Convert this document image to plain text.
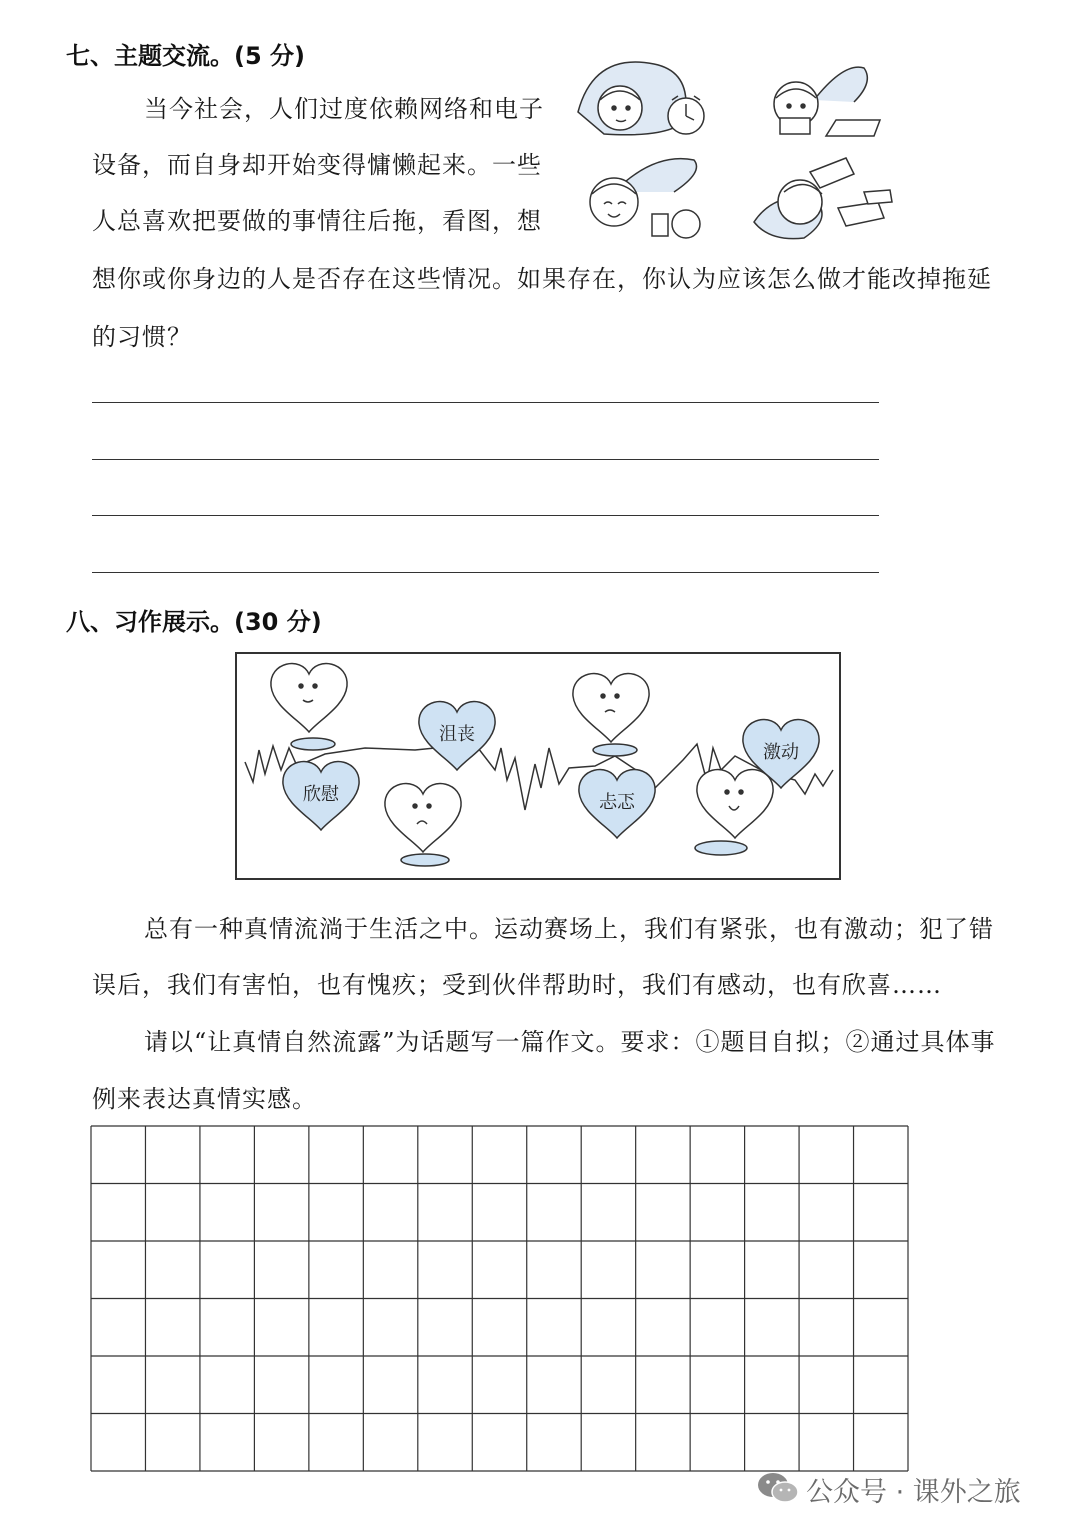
七、主题交流。(5 分)
当今社会，人们过度依赖网络和电子
设备，而自身却开始变得慵懒起来。一些
人总喜欢把要做的事情往后拖，看图，想
想你或你身边的人是否存在这些情况。如果存在，你认为应该怎么做才能改掉拖延
的习惯？
八、习作展示。(30 分)
沮丧
欣慰	忐忑
激动
总有一种真情流淌于生活之中。运动赛场上，我们有紧张，也有激动；犯了错
误后，我们有害怕，也有愧疚；受到伙伴帮助时，我们有感动，也有欣喜……
请以“让真情自然流露”为话题写一篇作文。要求：①题目自拟；②通过具体事
例来表达真情实感。
公众号 · 课外之旅
